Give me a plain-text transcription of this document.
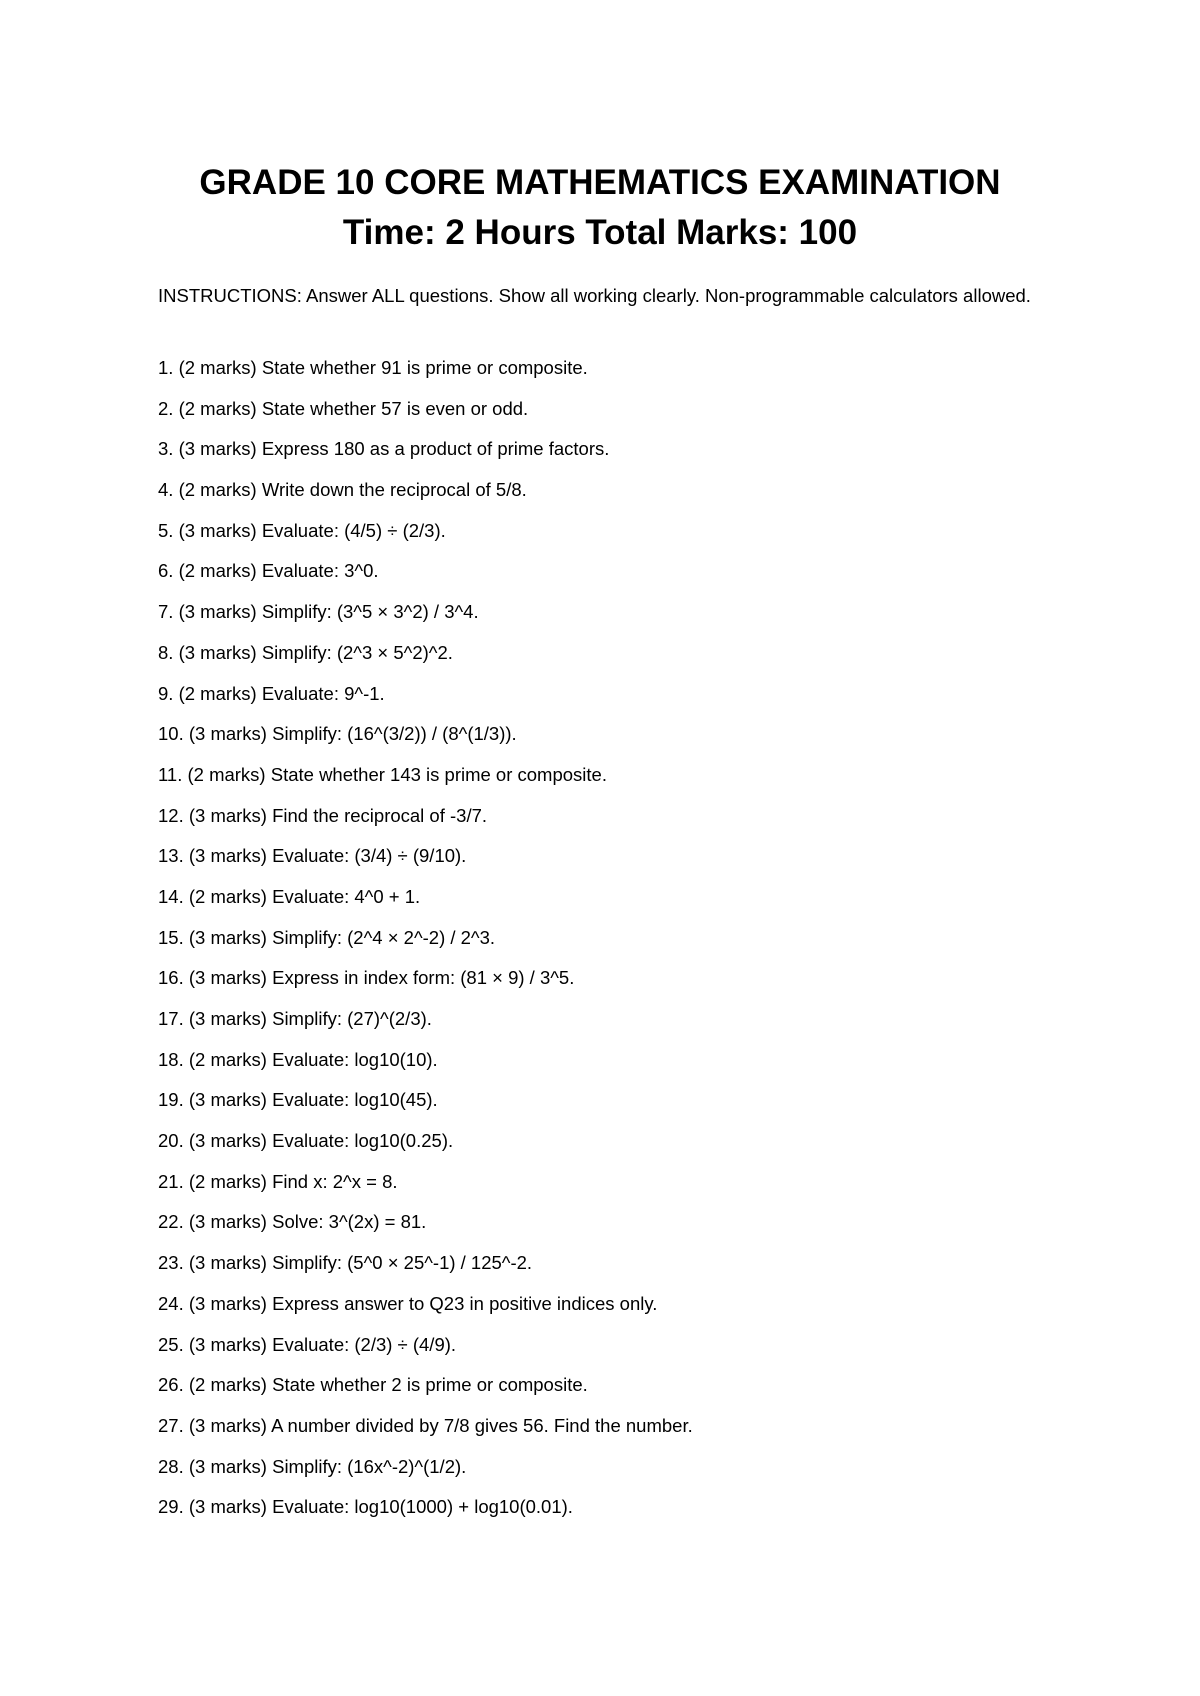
GRADE 10 CORE MATHEMATICS EXAMINATION
Time: 2 Hours Total Marks: 100
INSTRUCTIONS: Answer ALL questions. Show all working clearly. Non-programmable calculators allowed.
1. (2 marks) State whether 91 is prime or composite.
2. (2 marks) State whether 57 is even or odd.
3. (3 marks) Express 180 as a product of prime factors.
4. (2 marks) Write down the reciprocal of 5/8.
5. (3 marks) Evaluate: (4/5) ÷ (2/3).
6. (2 marks) Evaluate: 3^0.
7. (3 marks) Simplify: (3^5 × 3^2) / 3^4.
8. (3 marks) Simplify: (2^3 × 5^2)^2.
9. (2 marks) Evaluate: 9^-1.
10. (3 marks) Simplify: (16^(3/2)) / (8^(1/3)).
11. (2 marks) State whether 143 is prime or composite.
12. (3 marks) Find the reciprocal of -3/7.
13. (3 marks) Evaluate: (3/4) ÷ (9/10).
14. (2 marks) Evaluate: 4^0 + 1.
15. (3 marks) Simplify: (2^4 × 2^-2) / 2^3.
16. (3 marks) Express in index form: (81 × 9) / 3^5.
17. (3 marks) Simplify: (27)^(2/3).
18. (2 marks) Evaluate: log10(10).
19. (3 marks) Evaluate: log10(45).
20. (3 marks) Evaluate: log10(0.25).
21. (2 marks) Find x: 2^x = 8.
22. (3 marks) Solve: 3^(2x) = 81.
23. (3 marks) Simplify: (5^0 × 25^-1) / 125^-2.
24. (3 marks) Express answer to Q23 in positive indices only.
25. (3 marks) Evaluate: (2/3) ÷ (4/9).
26. (2 marks) State whether 2 is prime or composite.
27. (3 marks) A number divided by 7/8 gives 56. Find the number.
28. (3 marks) Simplify: (16x^-2)^(1/2).
29. (3 marks) Evaluate: log10(1000) + log10(0.01).
